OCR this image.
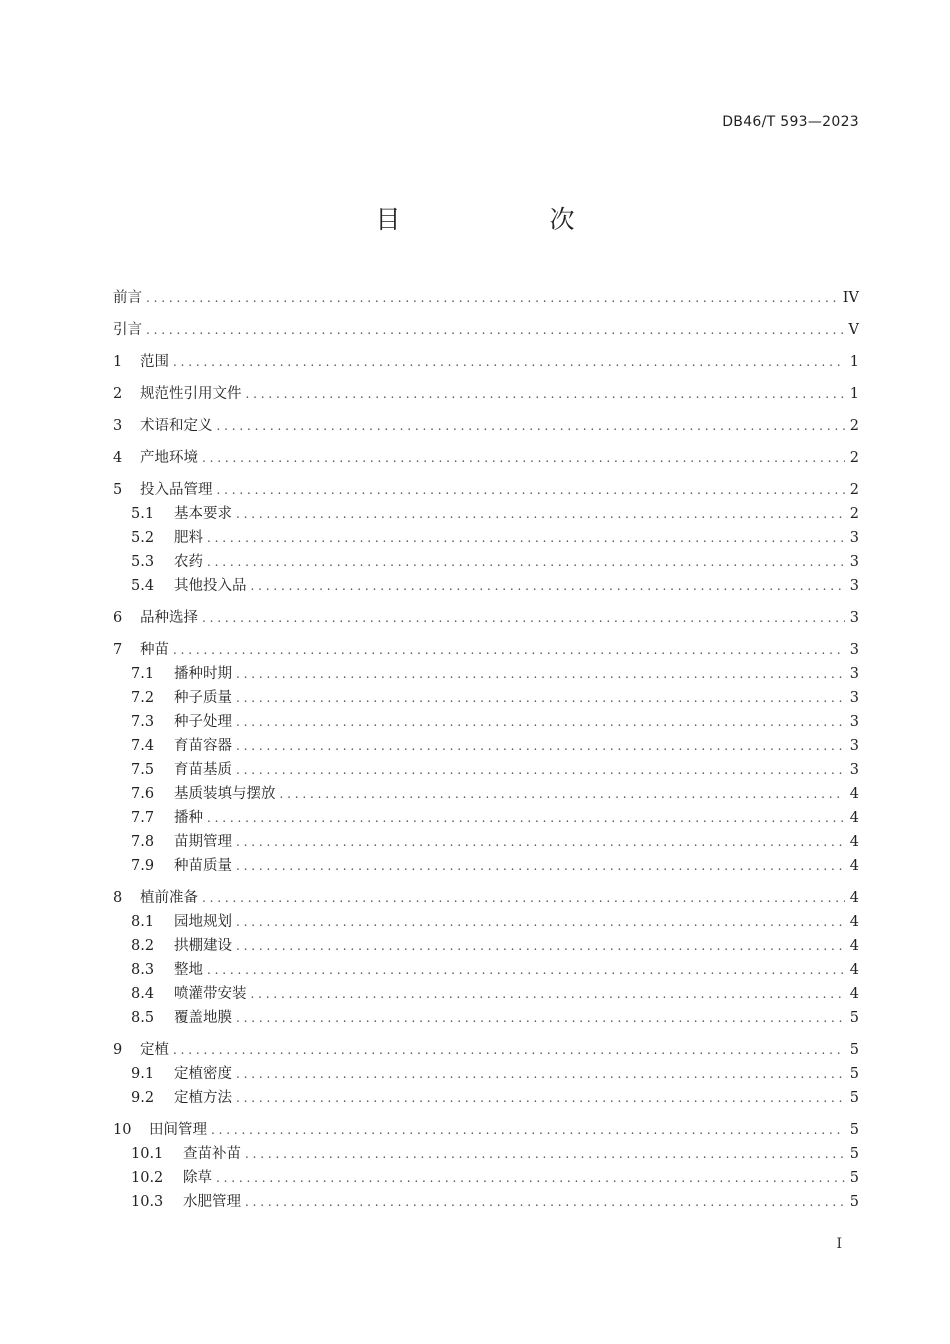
DB46/T 593—2023
目　次
前言 . . .	IV
引言 . . .	V
1	范围 . . .	1
2	规范性引用文件 . . .	1
3	术语和定义 . . .	2
4	产地环境 . . .	2
5	投入品管理 . . .	2
5.1	基本要求 . . .	2
5.2	肥料 . . .	3
5.3	农药 . . .	3
5.4	其他投入品 . . .	3
6	品种选择 . . .	3
7	种苗 . . .	3
7.1	播种时期 . . .	3
7.2	种子质量 . . .	3
7.3	种子处理 . . .	3
7.4	育苗容器 . . .	3
7.5	育苗基质 . . .	3
7.6	基质装填与摆放 . . .	4
7.7	播种 . . .	4
7.8	苗期管理 . . .	4
7.9	种苗质量 . . .	4
8	植前准备 . . .	4
8.1	园地规划 . . .	4
8.2	拱棚建设 . . .	4
8.3	整地 . . .	4
8.4	喷灌带安装 . . .	4
8.5	覆盖地膜 . . .	5
9	定植 . . .	5
9.1	定植密度 . . .	5
9.2	定植方法 . . .	5
10	田间管理 . . .	5
10.1	查苗补苗 . . .	5
10.2	除草 . . .	5
10.3	水肥管理 . . .	5
I
